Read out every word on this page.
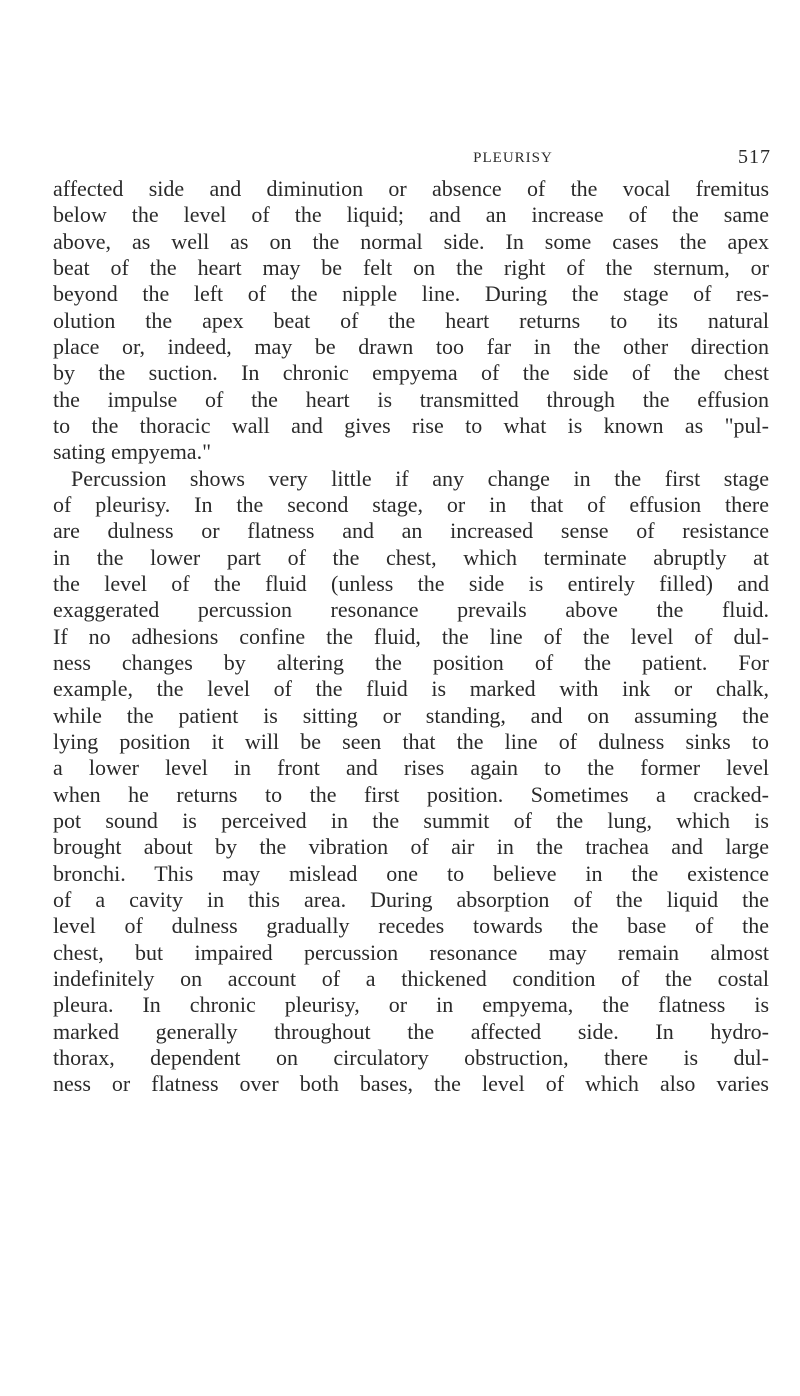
PLEURISY	517
affected side and diminution or absence of the vocal fremitus
below the level of the liquid; and an increase of the same
above, as well as on the normal side. In some cases the apex
beat of the heart may be felt on the right of the sternum, or
beyond the left of the nipple line. During the stage of res-
olution the apex beat of the heart returns to its natural
place or, indeed, may be drawn too far in the other direction
by the suction. In chronic empyema of the side of the chest
the impulse of the heart is transmitted through the effusion
to the thoracic wall and gives rise to what is known as "pul-
sating empyema."
Percussion shows very little if any change in the first stage
of pleurisy. In the second stage, or in that of effusion there
are dulness or flatness and an increased sense of resistance
in the lower part of the chest, which terminate abruptly at
the level of the fluid (unless the side is entirely filled) and
exaggerated percussion resonance prevails above the fluid.
If no adhesions confine the fluid, the line of the level of dul-
ness changes by altering the position of the patient. For
example, the level of the fluid is marked with ink or chalk,
while the patient is sitting or standing, and on assuming the
lying position it will be seen that the line of dulness sinks to
a lower level in front and rises again to the former level
when he returns to the first position. Sometimes a cracked-
pot sound is perceived in the summit of the lung, which is
brought about by the vibration of air in the trachea and large
bronchi. This may mislead one to believe in the existence
of a cavity in this area. During absorption of the liquid the
level of dulness gradually recedes towards the base of the
chest, but impaired percussion resonance may remain almost
indefinitely on account of a thickened condition of the costal
pleura. In chronic pleurisy, or in empyema, the flatness is
marked generally throughout the affected side. In hydro-
thorax, dependent on circulatory obstruction, there is dul-
ness or flatness over both bases, the level of which also varies
